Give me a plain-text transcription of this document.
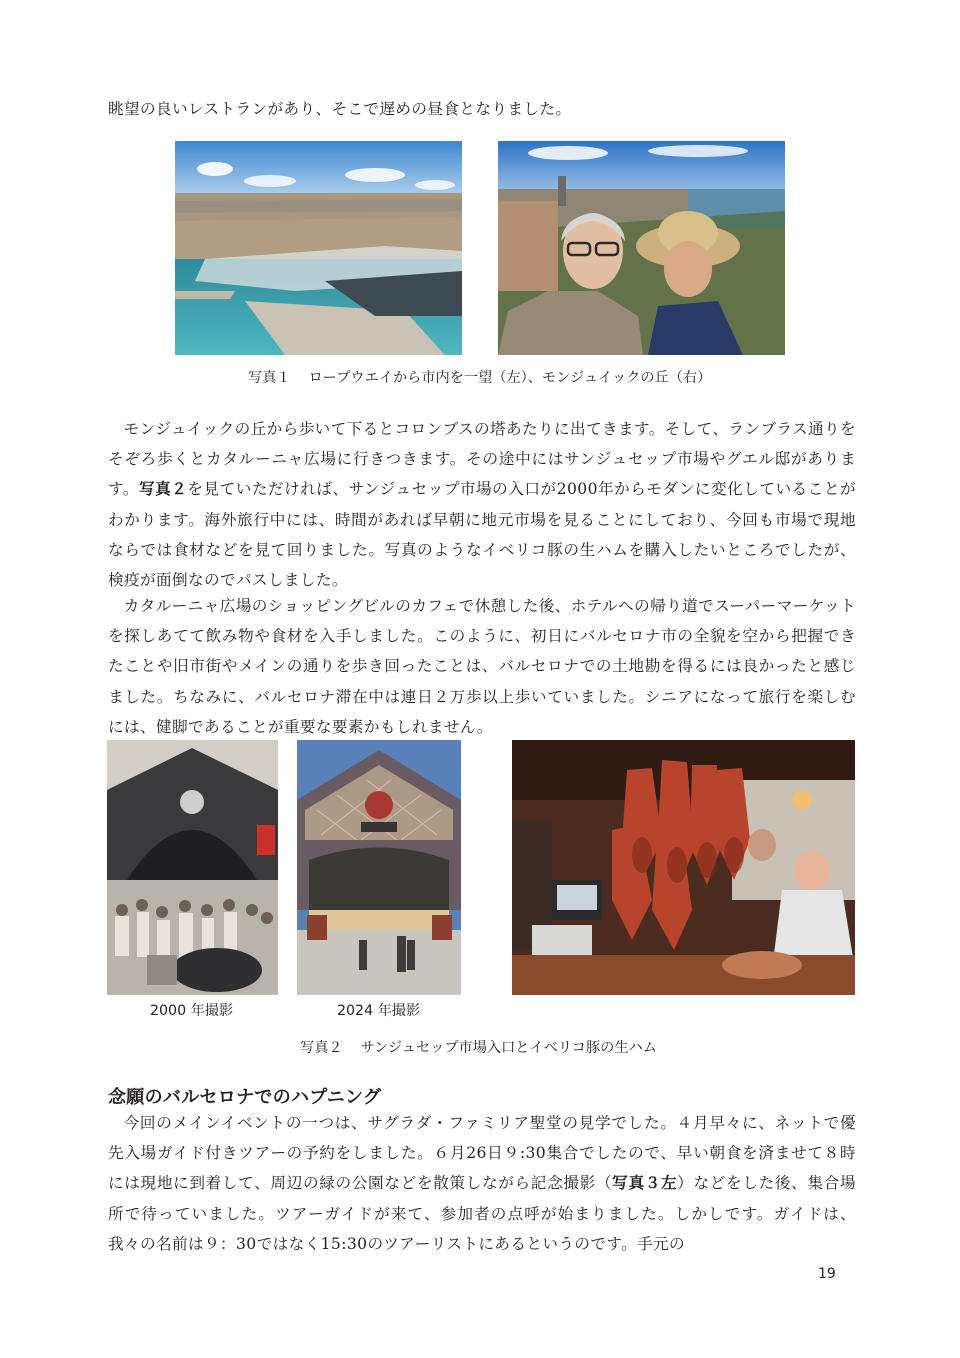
眺望の良いレストランがあり、そこで遅めの昼食となりました。

写真１ ロープウエイから市内を一望（左）、モンジュイックの丘（右）

モンジュイックの丘から歩いて下るとコロンブスの塔あたりに出てきます。そして、ランブラス通りをそぞろ歩くとカタルーニャ広場に行きつきます。その途中にはサンジュセップ市場やグエル邸があります。写真２を見ていただければ、サンジュセップ市場の入口が2000年からモダンに変化していることがわかります。海外旅行中には、時間があれば早朝に地元市場を見ることにしており、今回も市場で現地ならでは食材などを見て回りました。写真のようなイベリコ豚の生ハムを購入したいところでしたが、検疫が面倒なのでパスしました。

カタルーニャ広場のショッピングビルのカフェで休憩した後、ホテルへの帰り道でスーパーマーケットを探しあてて飲み物や食材を入手しました。このように、初日にバルセロナ市の全貌を空から把握できたことや旧市街やメインの通りを歩き回ったことは、バルセロナでの土地勘を得るには良かったと感じました。ちなみに、バルセロナ滞在中は連日２万歩以上歩いていました。シニアになって旅行を楽しむには、健脚であることが重要な要素かもしれません。

2000 年撮影	2024 年撮影

写真２ サンジュセップ市場入口とイベリコ豚の生ハム

念願のバルセロナでのハプニング

今回のメインイベントの一つは、サグラダ・ファミリア聖堂の見学でした。４月早々に、ネットで優先入場ガイド付きツアーの予約をしました。６月26日９:30集合でしたので、早い朝食を済ませて８時には現地に到着して、周辺の緑の公園などを散策しながら記念撮影（写真３左）などをした後、集合場所で待っていました。ツアーガイドが来て、参加者の点呼が始まりました。しかしです。ガイドは、我々の名前は９：30ではなく15:30のツアーリストにあるというのです。手元の

19
